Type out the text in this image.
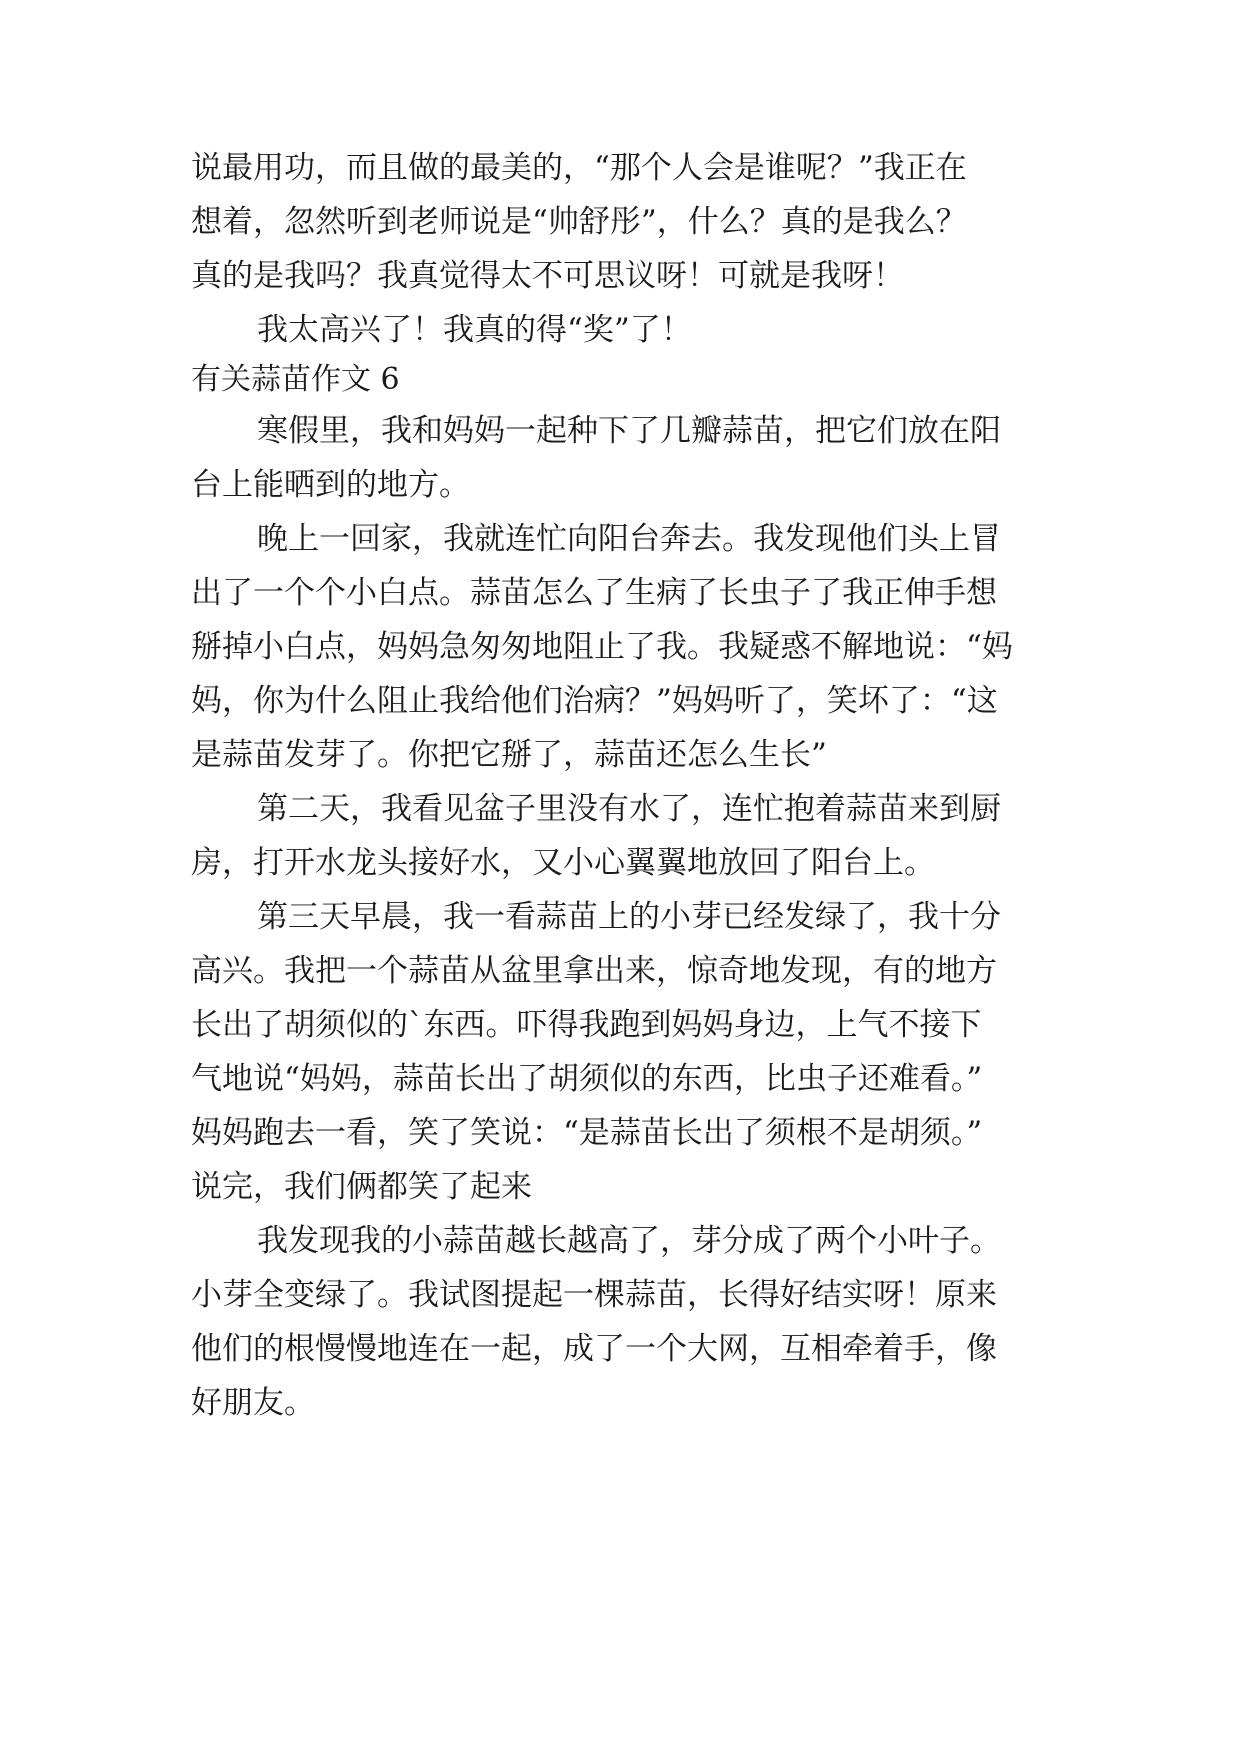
说最用功，而且做的最美的，“那个人会是谁呢？”我正在
想着，忽然听到老师说是“帅舒彤”，什么？真的是我么？
真的是我吗？我真觉得太不可思议呀！可就是我呀！
我太高兴了！我真的得“奖”了！
有关蒜苗作文 6
寒假里，我和妈妈一起种下了几瓣蒜苗，把它们放在阳
台上能晒到的地方。
晚上一回家，我就连忙向阳台奔去。我发现他们头上冒
出了一个个小白点。蒜苗怎么了生病了长虫子了我正伸手想
掰掉小白点，妈妈急匆匆地阻止了我。我疑惑不解地说：“妈
妈，你为什么阻止我给他们治病？”妈妈听了，笑坏了：“这
是蒜苗发芽了。你把它掰了，蒜苗还怎么生长”
第二天，我看见盆子里没有水了，连忙抱着蒜苗来到厨
房，打开水龙头接好水，又小心翼翼地放回了阳台上。
第三天早晨，我一看蒜苗上的小芽已经发绿了，我十分
高兴。我把一个蒜苗从盆里拿出来，惊奇地发现，有的地方
长出了胡须似的`东西。吓得我跑到妈妈身边，上气不接下
气地说“妈妈，蒜苗长出了胡须似的东西，比虫子还难看。”
妈妈跑去一看，笑了笑说：“是蒜苗长出了须根不是胡须。”
说完，我们俩都笑了起来
我发现我的小蒜苗越长越高了，芽分成了两个小叶子。
小芽全变绿了。我试图提起一棵蒜苗，长得好结实呀！原来
他们的根慢慢地连在一起，成了一个大网，互相牵着手，像
好朋友。
